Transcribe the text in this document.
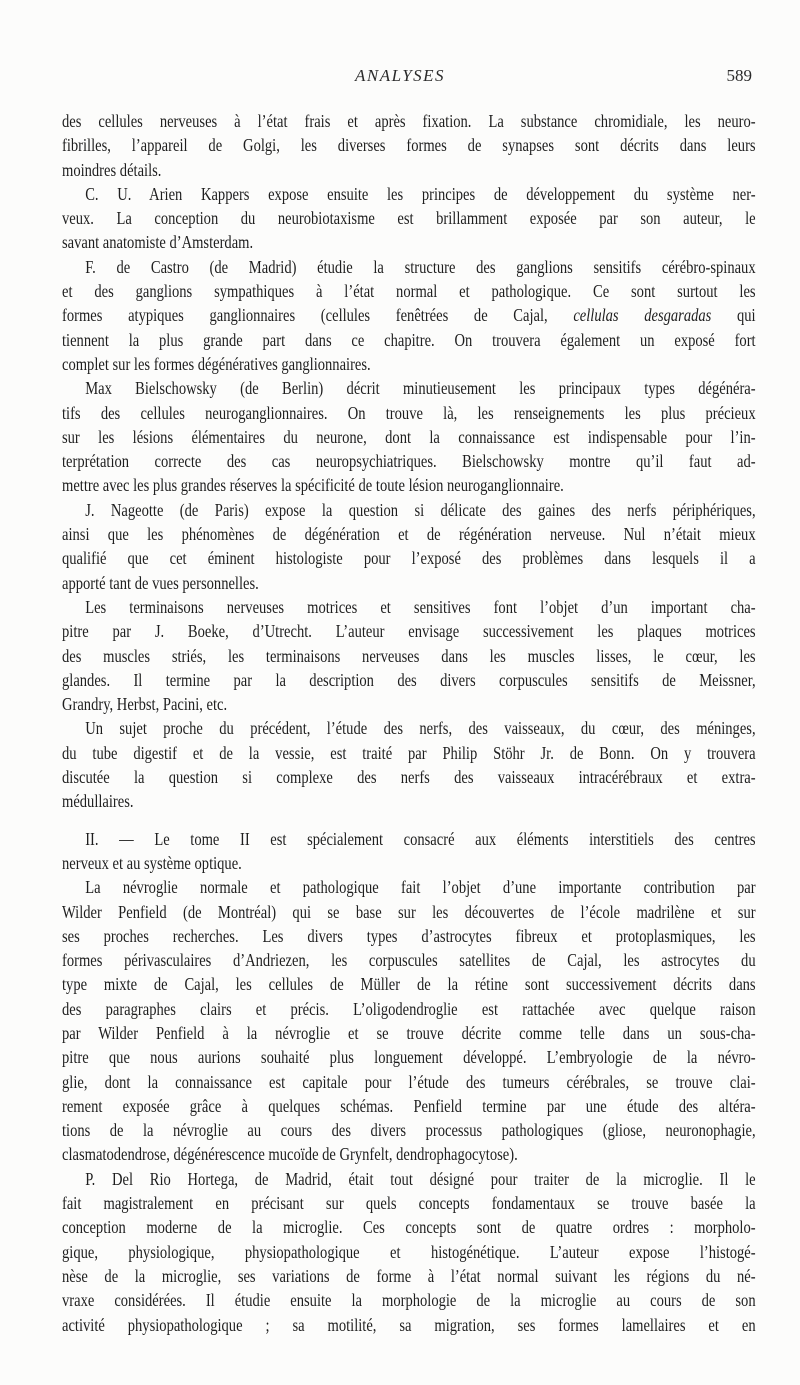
ANALYSES	589
des cellules nerveuses à l’état frais et après fixation. La substance chromidiale, les neuro-
fibrilles, l’appareil de Golgi, les diverses formes de synapses sont décrits dans leurs
moindres détails.
C. U. Arien Kappers expose ensuite les principes de développement du système ner-
veux. La conception du neurobiotaxisme est brillamment exposée par son auteur, le
savant anatomiste d’Amsterdam.
F. de Castro (de Madrid) étudie la structure des ganglions sensitifs cérébro-spinaux
et des ganglions sympathiques à l’état normal et pathologique. Ce sont surtout les
formes atypiques ganglionnaires (cellules fenêtrées de Cajal, cellulas desgaradas qui
tiennent la plus grande part dans ce chapitre. On trouvera également un exposé fort
complet sur les formes dégénératives ganglionnaires.
Max Bielschowsky (de Berlin) décrit minutieusement les principaux types dégénéra-
tifs des cellules neuroganglionnaires. On trouve là, les renseignements les plus précieux
sur les lésions élémentaires du neurone, dont la connaissance est indispensable pour l’in-
terprétation correcte des cas neuropsychiatriques. Bielschowsky montre qu’il faut ad-
mettre avec les plus grandes réserves la spécificité de toute lésion neuroganglionnaire.
J. Nageotte (de Paris) expose la question si délicate des gaines des nerfs périphériques,
ainsi que les phénomènes de dégénération et de régénération nerveuse. Nul n’était mieux
qualifié que cet éminent histologiste pour l’exposé des problèmes dans lesquels il a
apporté tant de vues personnelles.
Les terminaisons nerveuses motrices et sensitives font l’objet d’un important cha-
pitre par J. Boeke, d’Utrecht. L’auteur envisage successivement les plaques motrices
des muscles striés, les terminaisons nerveuses dans les muscles lisses, le cœur, les
glandes. Il termine par la description des divers corpuscules sensitifs de Meissner,
Grandry, Herbst, Pacini, etc.
Un sujet proche du précédent, l’étude des nerfs, des vaisseaux, du cœur, des méninges,
du tube digestif et de la vessie, est traité par Philip Stöhr Jr. de Bonn. On y trouvera
discutée la question si complexe des nerfs des vaisseaux intracérébraux et extra-
médullaires.
II. — Le tome II est spécialement consacré aux éléments interstitiels des centres
nerveux et au système optique.
La névroglie normale et pathologique fait l’objet d’une importante contribution par
Wilder Penfield (de Montréal) qui se base sur les découvertes de l’école madrilène et sur
ses proches recherches. Les divers types d’astrocytes fibreux et protoplasmiques, les
formes périvasculaires d’Andriezen, les corpuscules satellites de Cajal, les astrocytes du
type mixte de Cajal, les cellules de Müller de la rétine sont successivement décrits dans
des paragraphes clairs et précis. L’oligodendroglie est rattachée avec quelque raison
par Wilder Penfield à la névroglie et se trouve décrite comme telle dans un sous-cha-
pitre que nous aurions souhaité plus longuement développé. L’embryologie de la névro-
glie, dont la connaissance est capitale pour l’étude des tumeurs cérébrales, se trouve clai-
rement exposée grâce à quelques schémas. Penfield termine par une étude des altéra-
tions de la névroglie au cours des divers processus pathologiques (gliose, neuronophagie,
clasmatodendrose, dégénérescence mucoïde de Grynfelt, dendrophagocytose).
P. Del Rio Hortega, de Madrid, était tout désigné pour traiter de la microglie. Il le
fait magistralement en précisant sur quels concepts fondamentaux se trouve basée la
conception moderne de la microglie. Ces concepts sont de quatre ordres : morpholo-
gique, physiologique, physiopathologique et histogénétique. L’auteur expose l’histogé-
nèse de la microglie, ses variations de forme à l’état normal suivant les régions du né-
vraxe considérées. Il étudie ensuite la morphologie de la microglie au cours de son
activité physiopathologique ; sa motilité, sa migration, ses formes lamellaires et en
